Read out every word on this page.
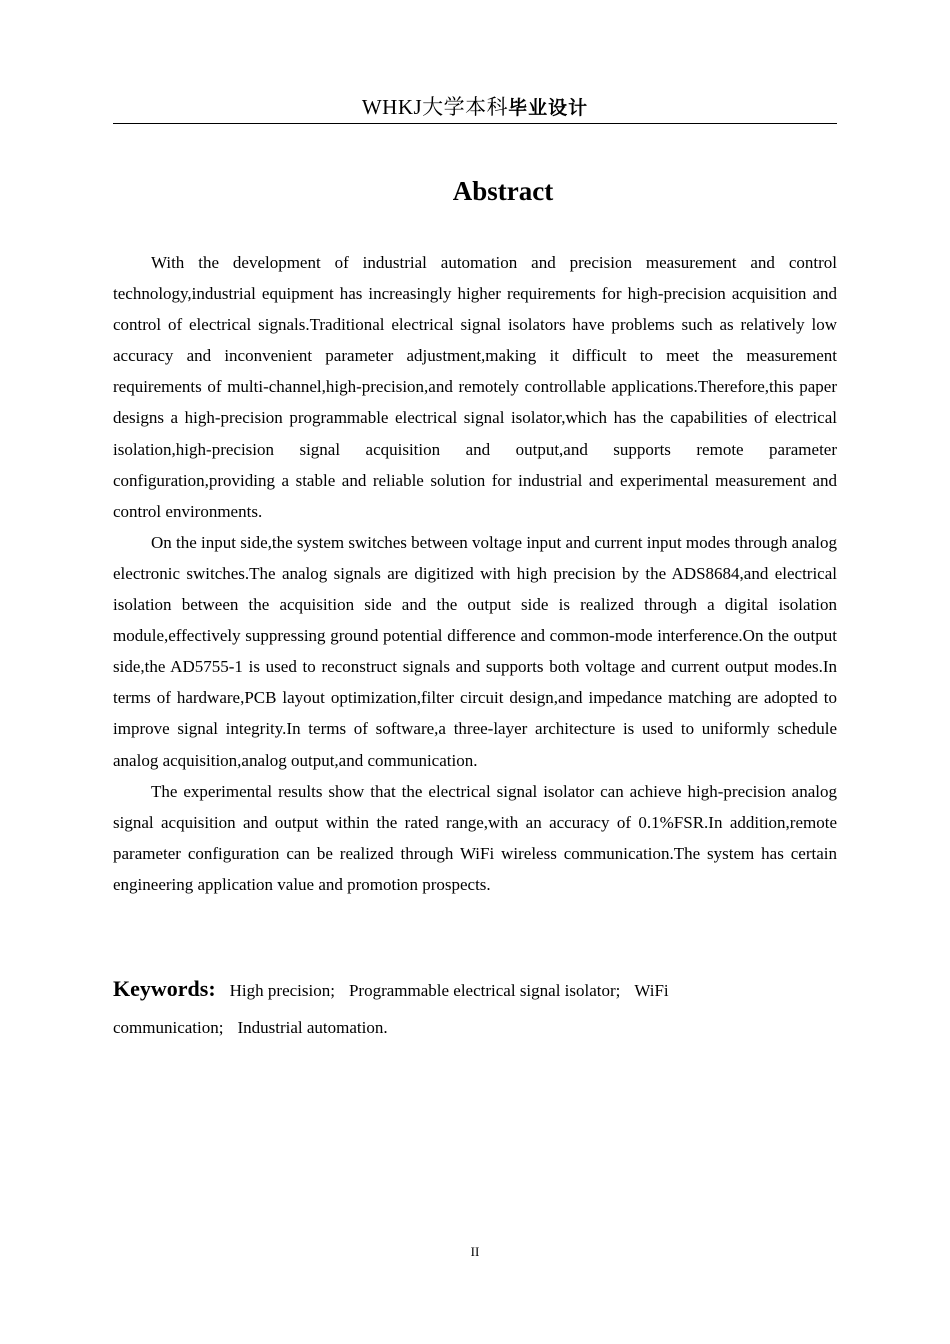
WHKJ大学本科毕业设计
Abstract

With the development of industrial automation and precision measurement and control technology,industrial equipment has increasingly higher requirements for high-precision acquisition and control of electrical signals.Traditional electrical signal isolators have problems such as relatively low accuracy and inconvenient parameter adjustment,making it difficult to meet the measurement requirements of multi-channel,high-precision,and remotely controllable applications.Therefore,this paper designs a high-precision programmable electrical signal isolator,which has the capabilities of electrical isolation,high-precision signal acquisition and output,and supports remote parameter configuration,providing a stable and reliable solution for industrial and experimental measurement and control environments.

On the input side,the system switches between voltage input and current input modes through analog electronic switches.The analog signals are digitized with high precision by the ADS8684,and electrical isolation between the acquisition side and the output side is realized through a digital isolation module,effectively suppressing ground potential difference and common-mode interference.On the output side,the AD5755-1 is used to reconstruct signals and supports both voltage and current output modes.In terms of hardware,PCB layout optimization,filter circuit design,and impedance matching are adopted to improve signal integrity.In terms of software,a three-layer architecture is used to uniformly schedule analog acquisition,analog output,and communication.

The experimental results show that the electrical signal isolator can achieve high-precision analog signal acquisition and output within the rated range,with an accuracy of 0.1%FSR.In addition,remote parameter configuration can be realized through WiFi wireless communication.The system has certain engineering application value and promotion prospects.

Keywords: High precision; Programmable electrical signal isolator; WiFi
communication; Industrial automation.
II
